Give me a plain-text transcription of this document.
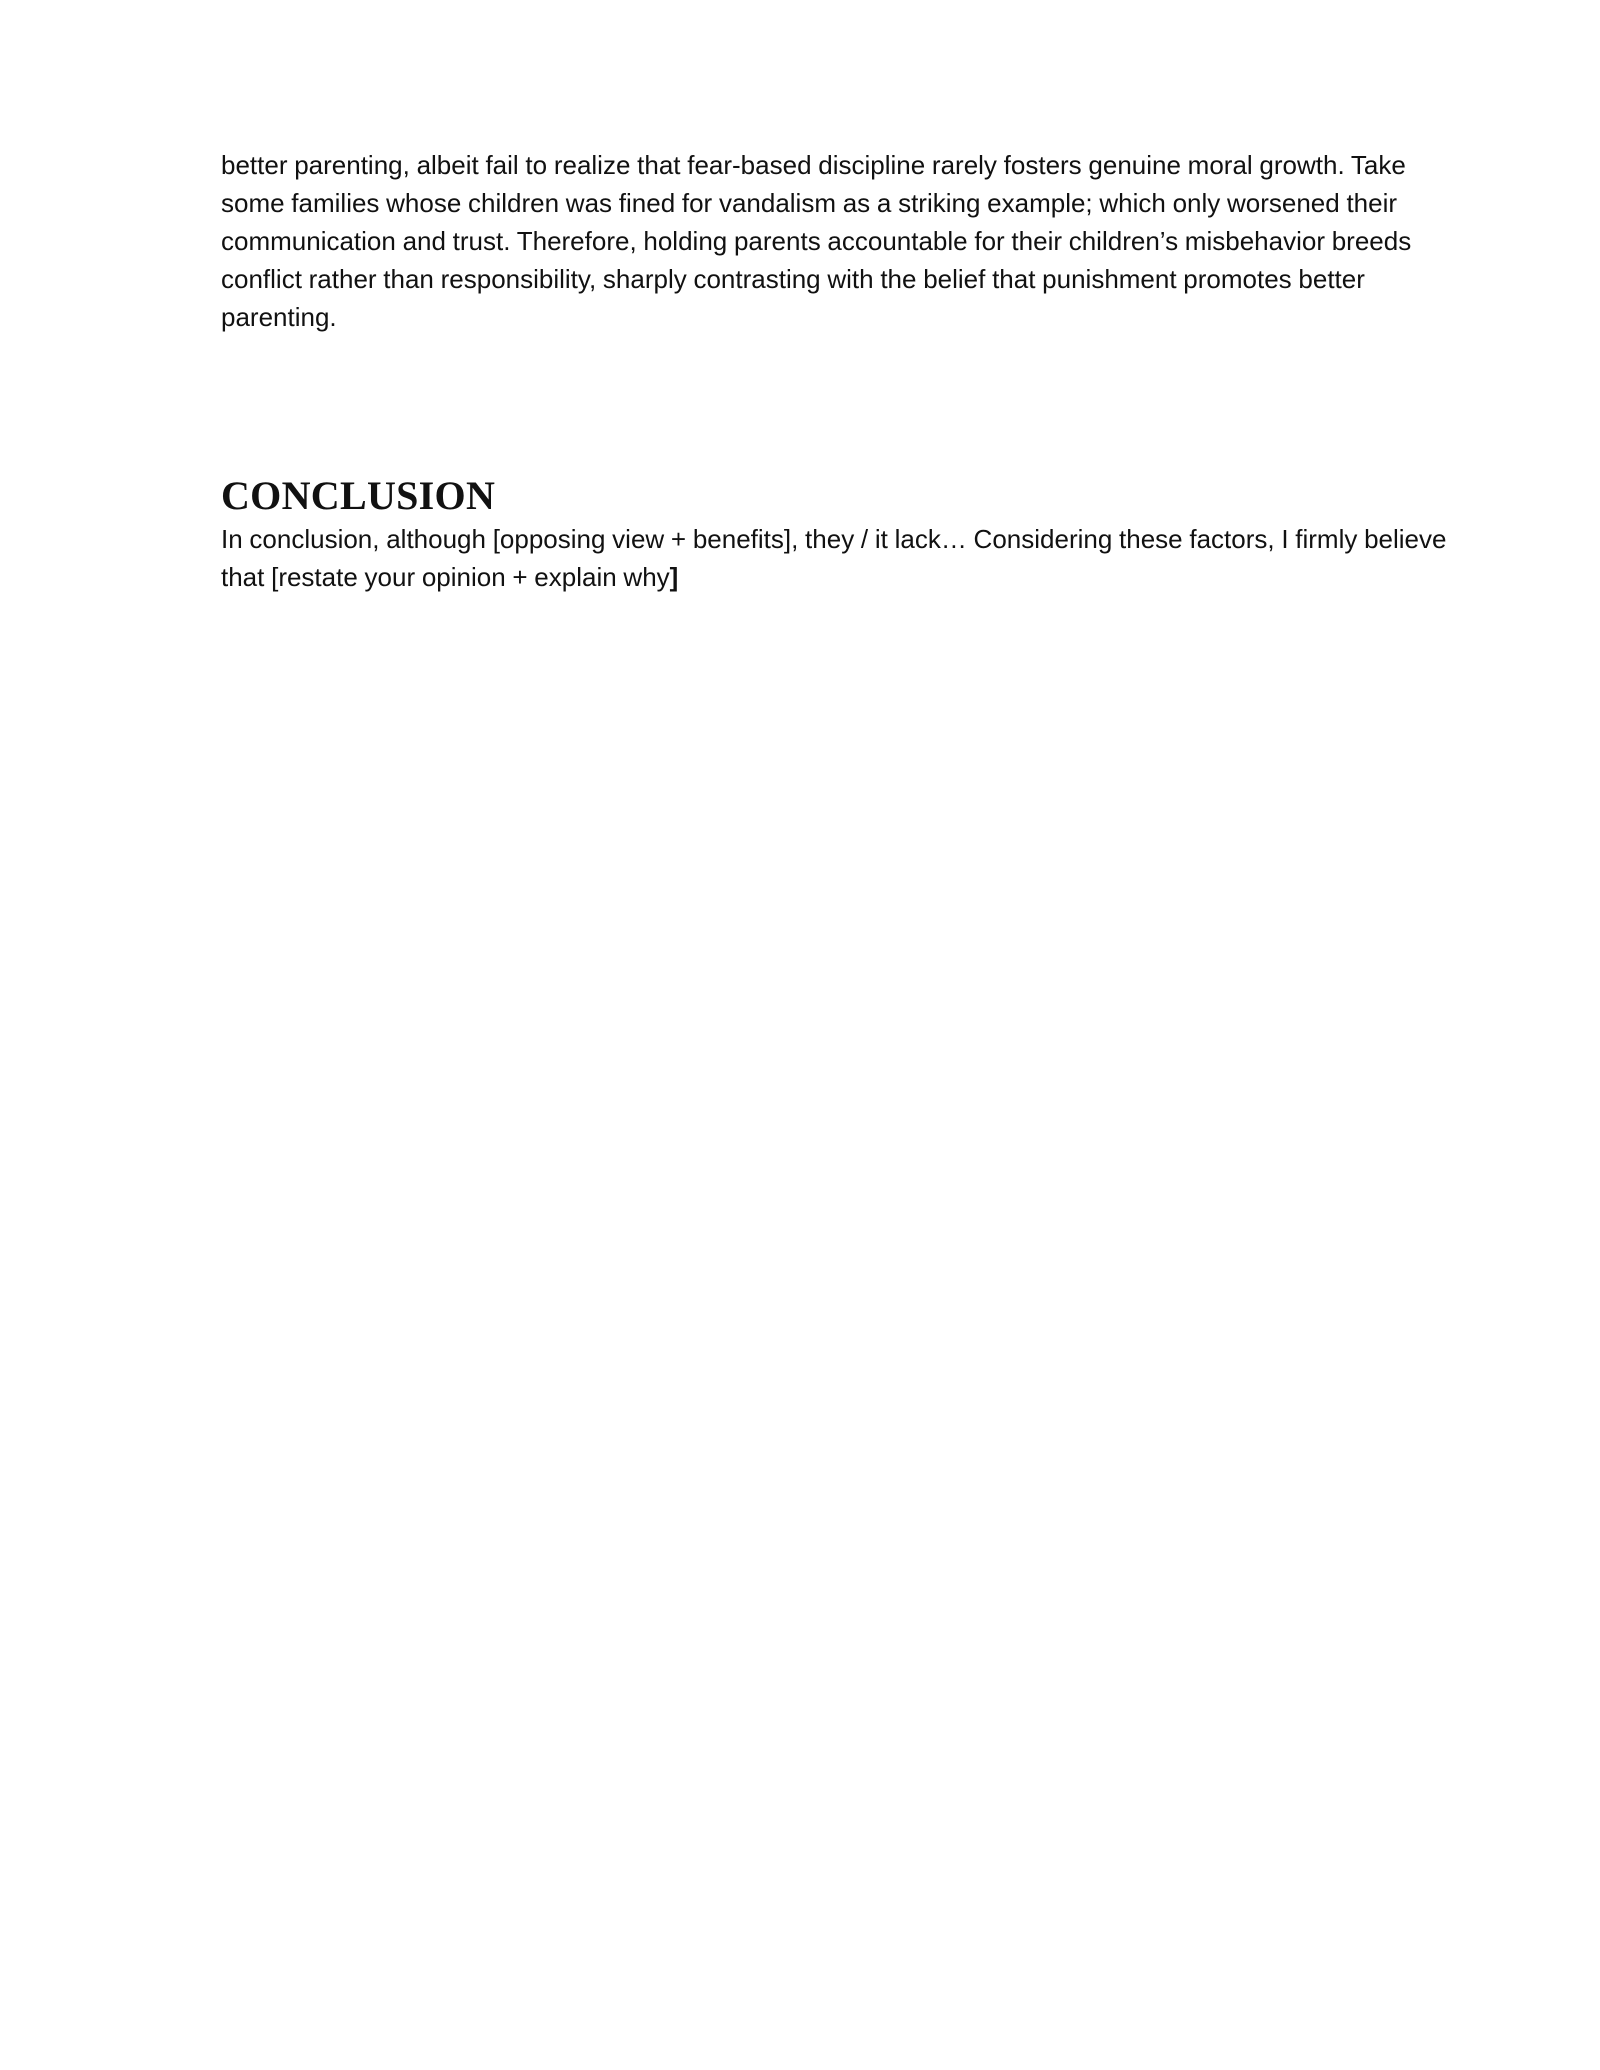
better parenting, albeit fail to realize that fear-based discipline rarely fosters genuine moral growth. Take
some families whose children was fined for vandalism as a striking example; which only worsened their
communication and trust. Therefore, holding parents accountable for their children’s misbehavior breeds
conflict rather than responsibility, sharply contrasting with the belief that punishment promotes better
parenting.

CONCLUSION

In conclusion, although [opposing view + benefits], they / it lack… Considering these factors, I firmly believe
that [restate your opinion + explain why]
